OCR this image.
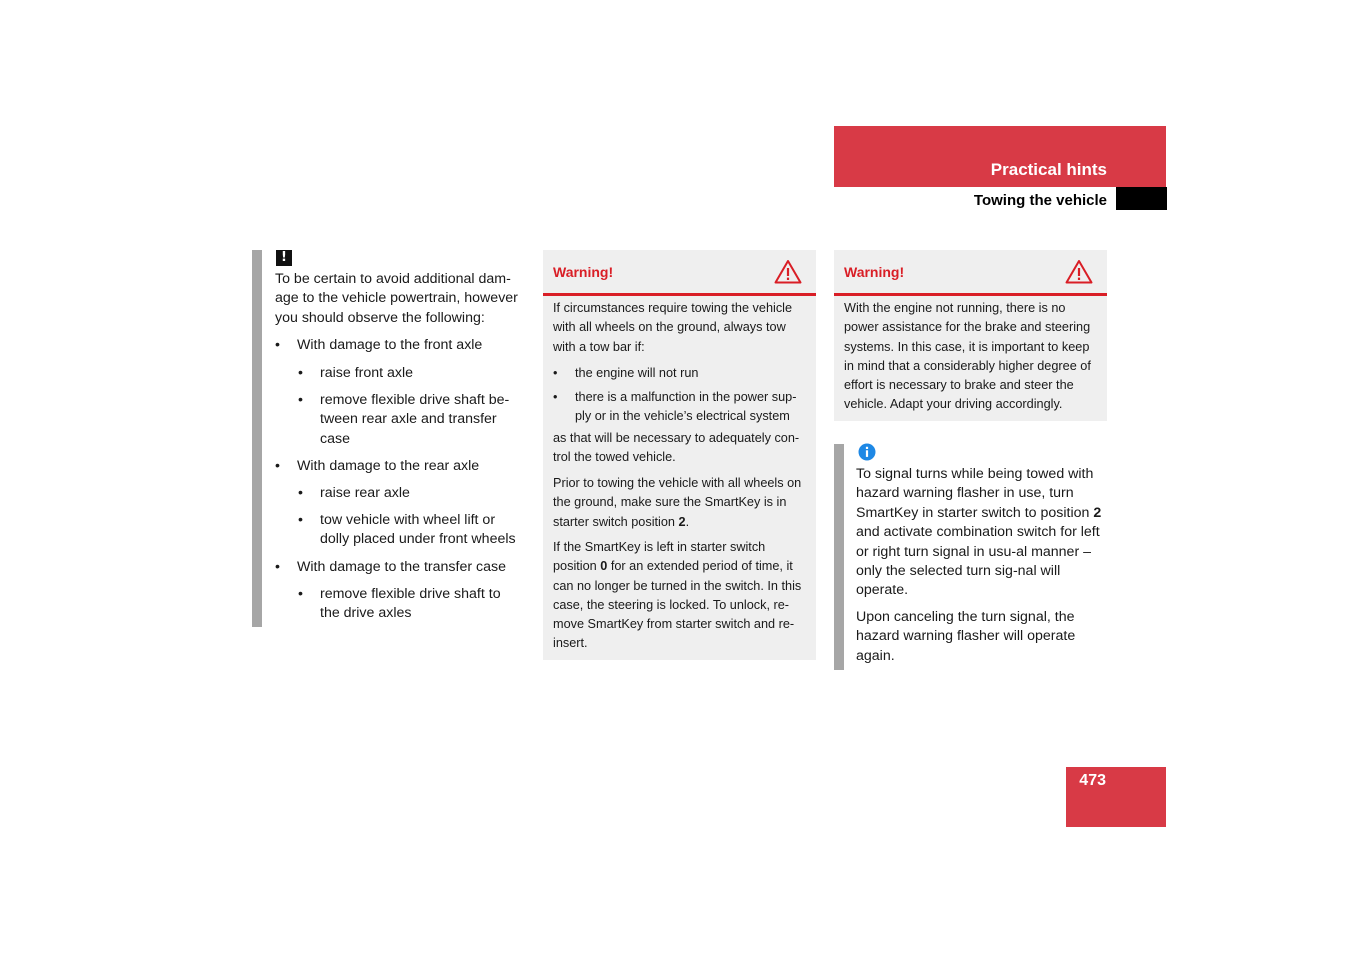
Practical hints
Towing the vehicle
!
To be certain to avoid additional dam-age to the vehicle powertrain, however you should observe the following:
• With damage to the front axle
• raise front axle
• remove flexible drive shaft be-tween rear axle and transfer case
• With damage to the rear axle
• raise rear axle
• tow vehicle with wheel lift or dolly placed under front wheels
• With damage to the transfer case
• remove flexible drive shaft to the drive axles
Warning!
If circumstances require towing the vehicle with all wheels on the ground, always tow with a tow bar if:
• the engine will not run
• there is a malfunction in the power sup-ply or in the vehicle’s electrical system
as that will be necessary to adequately con-trol the towed vehicle.
Prior to towing the vehicle with all wheels on the ground, make sure the SmartKey is in starter switch position 2.
If the SmartKey is left in starter switch position 0 for an extended period of time, it can no longer be turned in the switch. In this case, the steering is locked. To unlock, re-move SmartKey from starter switch and re-insert.
Warning!
With the engine not running, there is no power assistance for the brake and steering systems. In this case, it is important to keep in mind that a considerably higher degree of effort is necessary to brake and steer the vehicle. Adapt your driving accordingly.
To signal turns while being towed with hazard warning flasher in use, turn SmartKey in starter switch to position 2 and activate combination switch for left or right turn signal in usu-al manner – only the selected turn sig-nal will operate.
Upon canceling the turn signal, the hazard warning flasher will operate again.
473
